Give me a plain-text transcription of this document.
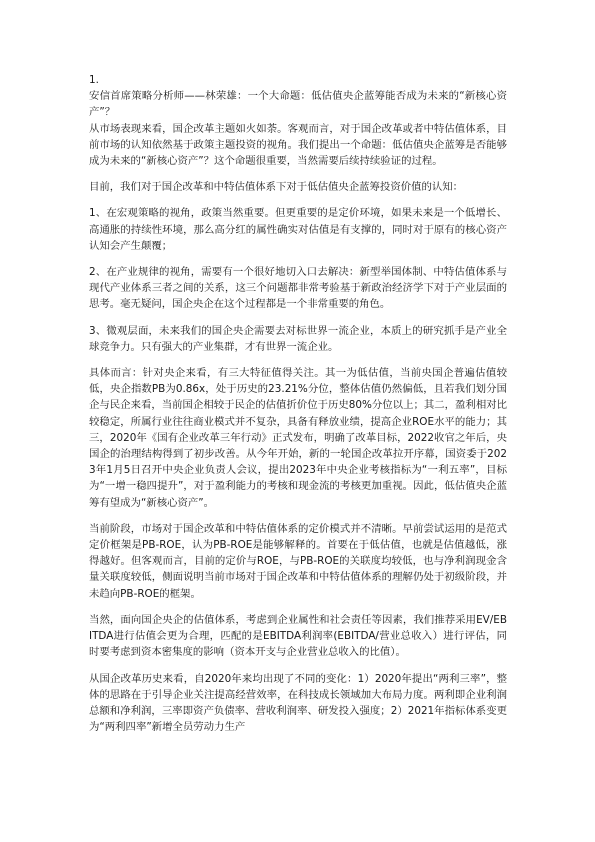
1.

安信首席策略分析师——林荣雄：一个大命题：低估值央企蓝筹能否成为未来的“新核心资产”？

从市场表现来看，国企改革主题如火如荼。客观而言，对于国企改革或者中特估值体系，目前市场的认知依然基于政策主题投资的视角。我们提出一个命题：低估值央企蓝筹是否能够成为未来的“新核心资产”？这个命题很重要，当然需要后续持续验证的过程。

目前，我们对于国企改革和中特估值体系下对于低估值央企蓝筹投资价值的认知：

1、在宏观策略的视角，政策当然重要。但更重要的是定价环境，如果未来是一个低增长、高通胀的持续性环境，那么高分红的属性确实对估值是有支撑的，同时对于原有的核心资产认知会产生颠覆；

2、在产业规律的视角，需要有一个很好地切入口去解决：新型举国体制、中特估值体系与现代产业体系三者之间的关系，这三个问题都非常考验基于新政治经济学下对于产业层面的思考。毫无疑问，国企央企在这个过程都是一个非常重要的角色。

3、微观层面，未来我们的国企央企需要去对标世界一流企业，本质上的研究抓手是产业全球竞争力。只有强大的产业集群，才有世界一流企业。

具体而言：针对央企来看，有三大特征值得关注。其一为低估值，当前央国企普遍估值较低，央企指数PB为0.86x，处于历史的23.21%分位，整体估值仍然偏低，且若我们划分国企与民企来看，当前国企相较于民企的估值折价位于历史80%分位以上；其二，盈利相对比较稳定，所属行业往往商业模式并不复杂，具备有释放业绩，提高企业ROE水平的能力；其三，2020年《国有企业改革三年行动》正式发布，明确了改革目标，2022收官之年后，央国企的治理结构得到了初步改善。从今年开始，新的一轮国企改革拉开序幕，国资委于2023年1月5日召开中央企业负责人会议，提出2023年中央企业考核指标为“一利五率”，目标为“一增一稳四提升”，对于盈利能力的考核和现金流的考核更加重视。因此，低估值央企蓝筹有望成为“新核心资产”。

当前阶段，市场对于国企改革和中特估值体系的定价模式并不清晰。早前尝试运用的是范式定价框架是PB-ROE，认为PB-ROE是能够解释的。首要在于低估值，也就是估值越低，涨得越好。但客观而言，目前的定价与ROE，与PB-ROE的关联度均较低，也与净利润现金含量关联度较低，侧面说明当前市场对于国企改革和中特估值体系的理解仍处于初级阶段，并未趋向PB-ROE的框架。

当然，面向国企央企的估值体系，考虑到企业属性和社会责任等因素，我们推荐采用EV/EBITDA进行估值会更为合理，匹配的是EBITDA利润率(EBITDA/营业总收入）进行评估，同时要考虑到资本密集度的影响（资本开支与企业营业总收入的比值）。

从国企改革历史来看，自2020年来均出现了不同的变化：1）2020年提出“两利三率”，整体的思路在于引导企业关注提高经营效率，在科技成长领域加大布局力度。两利即企业利润总额和净利润，三率即资产负债率、营收利润率、研发投入强度；2）2021年指标体系变更为“两利四率”新增全员劳动力生产
